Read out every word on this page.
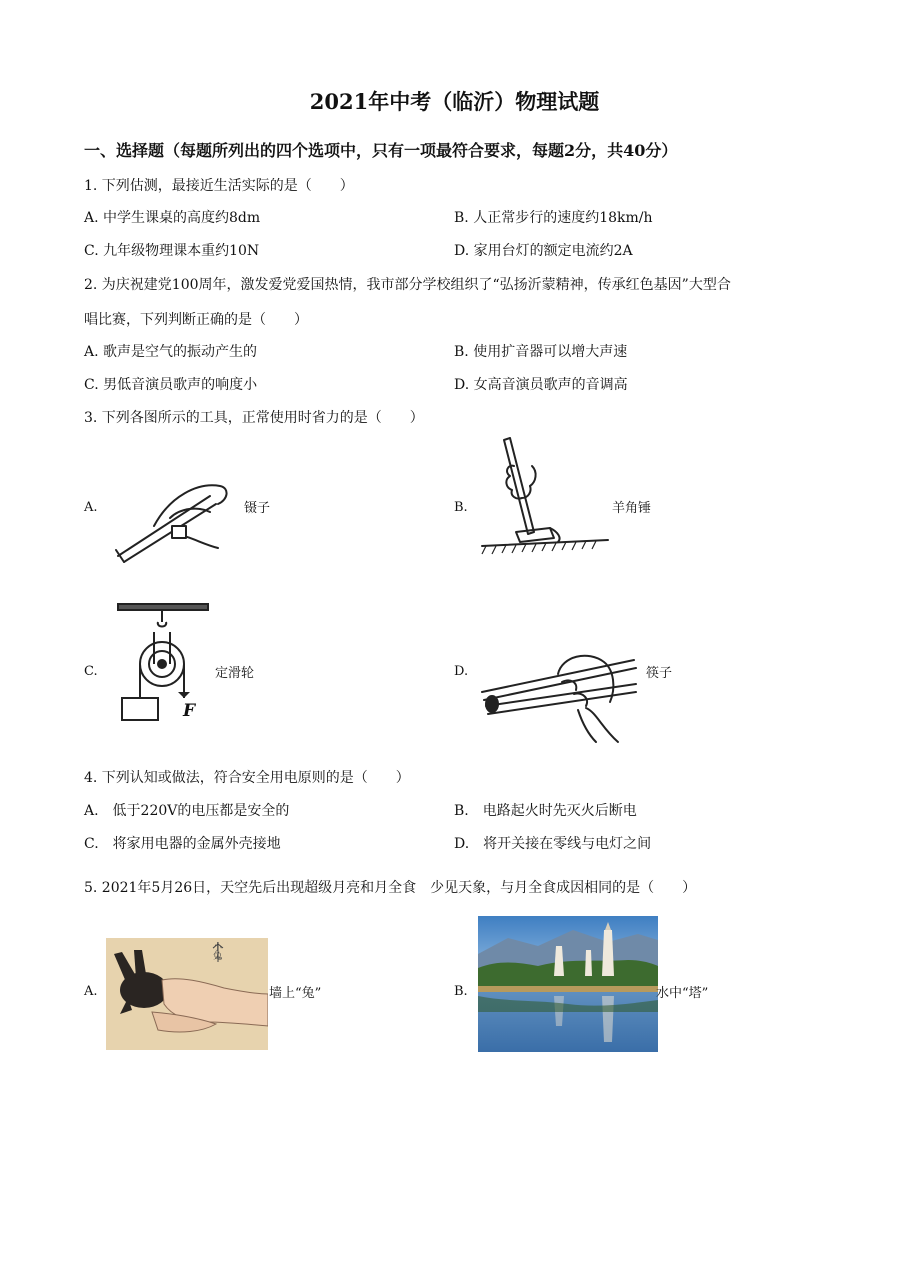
2021年中考（临沂）物理试题
一、选择题（每题所列出的四个选项中，只有一项最符合要求，每题2分，共40分）
1. 下列估测，最接近生活实际的是（　　）
A. 中学生课桌的高度约8dm	B. 人正常步行的速度约18km/h
C. 九年级物理课本重约10N	D. 家用台灯的额定电流约2A
2. 为庆祝建党100周年，激发爱党爱国热情，我市部分学校组织了“弘扬沂蒙精神，传承红色基因”大型合
唱比赛，下列判断正确的是（　　）
A. 歌声是空气的振动产生的	B. 使用扩音器可以增大声速
C. 男低音演员歌声的响度小	D. 女高音演员歌声的音调高
3. 下列各图所示的工具，正常使用时省力的是（　　）
A.	镊子	B.	羊角锤
C.
F
定滑轮	D.	筷子
4. 下列认知或做法，符合安全用电原则的是（　　）
A.　低于220V的电压都是安全的	B.　电路起火时先灭火后断电
C.　将家用电器的金属外壳接地	D.　将开关接在零线与电灯之间
5. 2021年5月26日，天空先后出现超级月亮和月全食　少见天象，与月全食成因相同的是（　　）
A.
小兔
墙上“兔”	B.	水中“塔”
